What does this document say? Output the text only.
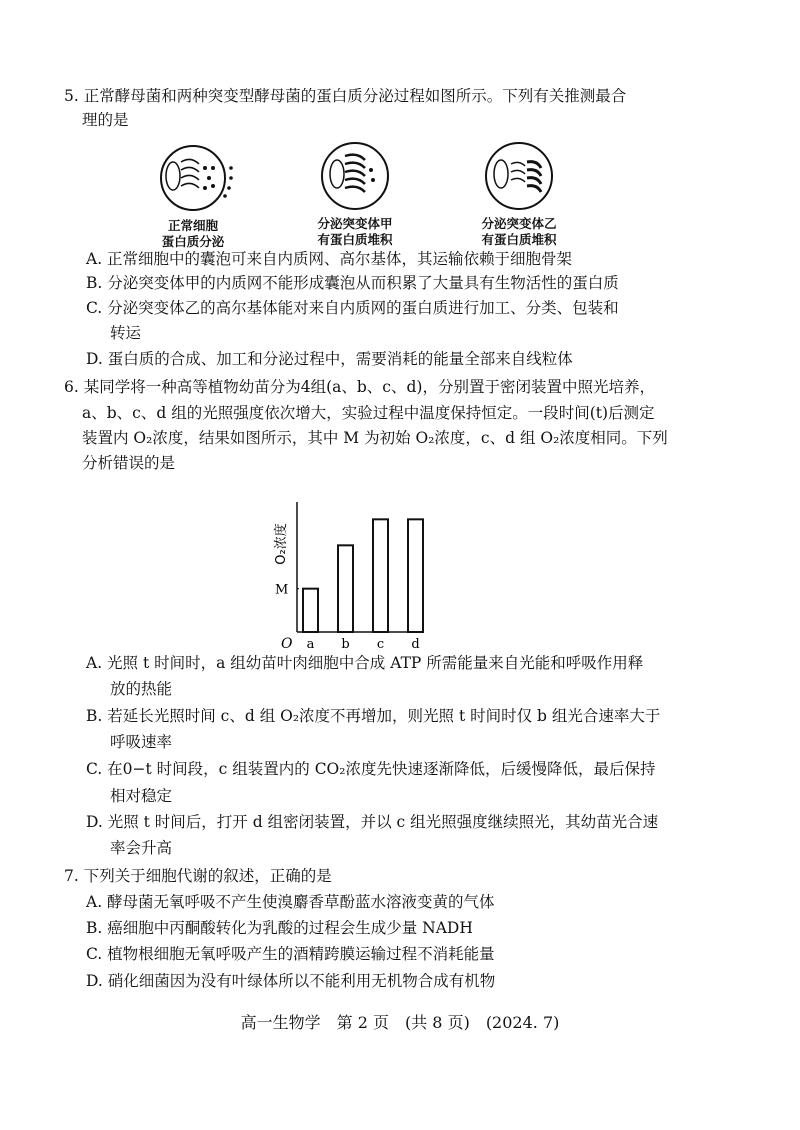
5. 正常酵母菌和两种突变型酵母菌的蛋白质分泌过程如图所示。下列有关推测最合
理的是
正常细胞
蛋白质分泌
分泌突变体甲
有蛋白质堆积
分泌突变体乙
有蛋白质堆积
A. 正常细胞中的囊泡可来自内质网、高尔基体，其运输依赖于细胞骨架
B. 分泌突变体甲的内质网不能形成囊泡从而积累了大量具有生物活性的蛋白质
C. 分泌突变体乙的高尔基体能对来自内质网的蛋白质进行加工、分类、包装和
转运
D. 蛋白质的合成、加工和分泌过程中，需要消耗的能量全部来自线粒体
6. 某同学将一种高等植物幼苗分为4组(a、b、c、d)，分别置于密闭装置中照光培养，
a、b、c、d 组的光照强度依次增大，实验过程中温度保持恒定。一段时间(t)后测定
装置内 O₂浓度，结果如图所示，其中 M 为初始 O₂浓度，c、d 组 O₂浓度相同。下列
分析错误的是
O₂浓度
M
O a b c d
A. 光照 t 时间时，a 组幼苗叶肉细胞中合成 ATP 所需能量来自光能和呼吸作用释
放的热能
B. 若延长光照时间 c、d 组 O₂浓度不再增加，则光照 t 时间时仅 b 组光合速率大于
呼吸速率
C. 在0−t 时间段，c 组装置内的 CO₂浓度先快速逐渐降低，后缓慢降低，最后保持
相对稳定
D. 光照 t 时间后，打开 d 组密闭装置，并以 c 组光照强度继续照光，其幼苗光合速
率会升高
7. 下列关于细胞代谢的叙述，正确的是
A. 酵母菌无氧呼吸不产生使溴麝香草酚蓝水溶液变黄的气体
B. 癌细胞中丙酮酸转化为乳酸的过程会生成少量 NADH
C. 植物根细胞无氧呼吸产生的酒精跨膜运输过程不消耗能量
D. 硝化细菌因为没有叶绿体所以不能利用无机物合成有机物
高一生物学　第 2 页　(共 8 页)　(2024. 7)
